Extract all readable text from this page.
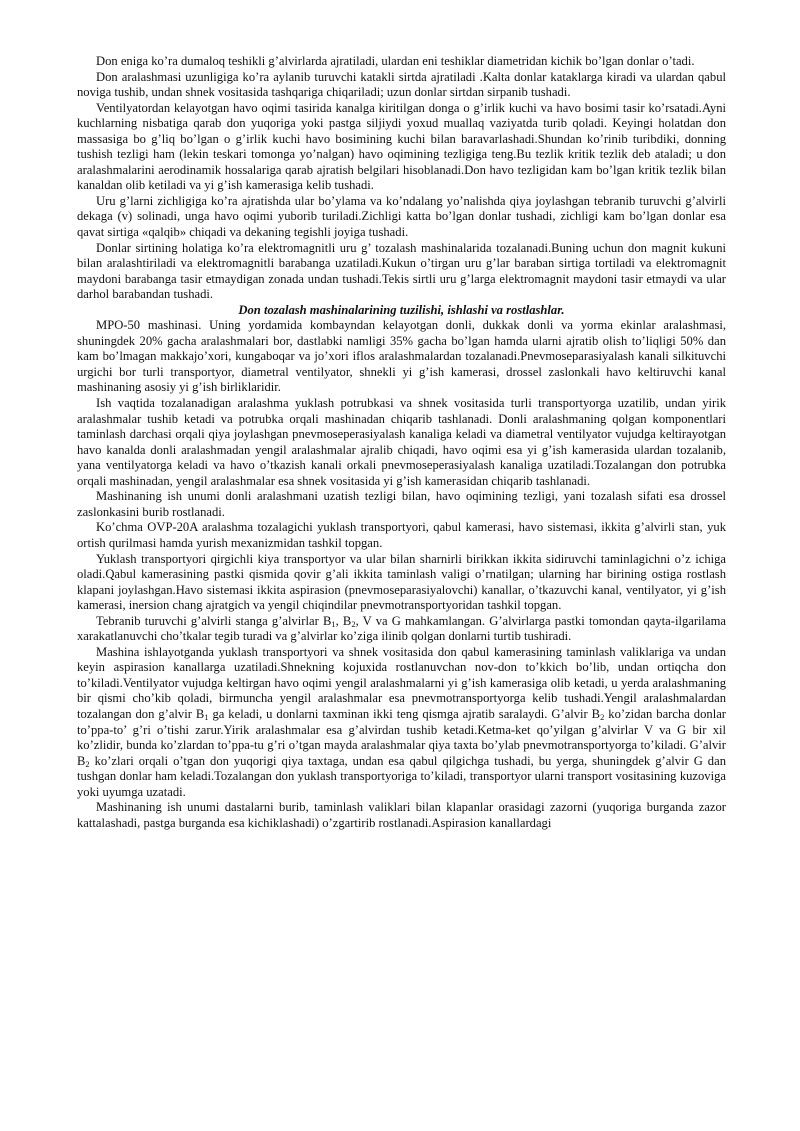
Don eniga ko’ra dumaloq teshikli g’alvirlarda ajratiladi, ulardan eni teshiklar diametridan kichik bo’lgan donlar o’tadi.

Don aralashmasi uzunligiga ko’ra aylanib turuvchi katakli sirtda ajratiladi .Kalta donlar kataklarga kiradi va ulardan qabul noviga tushib, undan shnek vositasida tashqariga chiqariladi; uzun donlar sirtdan sirpanib tushadi.

Ventilyatordan kelayotgan havo oqimi tasirida kanalga kiritilgan donga o g’irlik kuchi va havo bosimi tasir ko’rsatadi.Ayni kuchlarning nisbatiga qarab don yuqoriga yoki pastga siljiydi yoxud muallaq vaziyatda turib qoladi. Keyingi holatdan don massasiga bo g’liq bo’lgan o g’irlik kuchi havo bosimining kuchi bilan baravarlashadi.Shundan ko’rinib turibdiki, donning tushish tezligi ham (lekin teskari tomonga yo’nalgan) havo oqimining tezligiga teng.Bu tezlik kritik tezlik deb ataladi; u don aralashmalarini aerodinamik hossalariga qarab ajratish belgilari hisoblanadi.Don havo tezligidan kam bo’lgan kritik tezlik bilan kanaldan olib ketiladi va yi g’ish kamerasiga kelib tushadi.

Uru g’larni zichligiga ko’ra ajratishda ular bo’ylama va ko’ndalang yo’nalishda qiya joylashgan tebranib turuvchi g’alvirli dekaga (v) solinadi, unga havo oqimi yuborib turiladi.Zichligi katta bo’lgan donlar tushadi, zichligi kam bo’lgan donlar esa qavat sirtiga «qalqib» chiqadi va dekaning tegishli joyiga tushadi.

Donlar sirtining holatiga ko’ra elektromagnitli uru g’ tozalash mashinalarida tozalanadi.Buning uchun don magnit kukuni bilan aralashtiriladi va elektromagnitli barabanga uzatiladi.Kukun o’tirgan uru g’lar baraban sirtiga tortiladi va elektromagnit maydoni barabanga tasir etmaydigan zonada undan tushadi.Tekis sirtli uru g’larga elektromagnit maydoni tasir etmaydi va ular darhol barabandan tushadi.

Don tozalash mashinalarining tuzilishi, ishlashi va rostlashlar.

MPO-50 mashinasi. Uning yordamida kombayndan kelayotgan donli, dukkak donli va yorma ekinlar aralashmasi, shuningdek 20% gacha aralashmalari bor, dastlabki namligi 35% gacha bo’lgan hamda ularni ajratib olish to’liqligi 50% dan kam bo’lmagan makkajo’xori, kungaboqar va jo’xori iflos aralashmalardan tozalanadi.Pnevmoseparasiyalash kanali silkituvchi urgichi bor turli transportyor, diametral ventilyator, shnekli yi g’ish kamerasi, drossel zaslonkali havo keltiruvchi kanal mashinaning asosiy yi g’ish birliklaridir.

Ish vaqtida tozalanadigan aralashma yuklash potrubkasi va shnek vositasida turli transportyorga uzatilib, undan yirik aralashmalar tushib ketadi va potrubka orqali mashinadan chiqarib tashlanadi. Donli aralashmaning qolgan komponentlari taminlash darchasi orqali qiya joylashgan pnevmoseperasiyalash kanaliga keladi va diametral ventilyator vujudga keltirayotgan havo kanalda donli aralashmadan yengil aralashmalar ajralib chiqadi, havo oqimi esa yi g’ish kamerasida ulardan tozalanib, yana ventilyatorga keladi va havo o’tkazish kanali orkali pnevmoseperasiyalash kanaliga uzatiladi.Tozalangan don potrubka orqali mashinadan, yengil aralashmalar esa shnek vositasida yi g’ish kamerasidan chiqarib tashlanadi.

Mashinaning ish unumi donli aralashmani uzatish tezligi bilan, havo oqimining tezligi, yani tozalash sifati esa drossel zaslonkasini burib rostlanadi.

Ko’chma OVP-20A aralashma tozalagichi yuklash transportyori, qabul kamerasi, havo sistemasi, ikkita g’alvirli stan, yuk ortish qurilmasi hamda yurish mexanizmidan tashkil topgan.

Yuklash transportyori qirgichli kiya transportyor va ular bilan sharnirli birikkan ikkita sidiruvchi taminlagichni o’z ichiga oladi.Qabul kamerasining pastki qismida qovir g’ali ikkita taminlash valigi o’rnatilgan; ularning har birining ostiga rostlash klapani joylashgan.Havo sistemasi ikkita aspirasion (pnevmoseparasiyalovchi) kanallar, o’tkazuvchi kanal, ventilyator, yi g’ish kamerasi, inersion chang ajratgich va yengil chiqindilar pnevmotransportyoridan tashkil topgan.

Tebranib turuvchi g’alvirli stanga g’alvirlar $B_1$, $B_2$, V va G mahkamlangan. G’alvirlarga pastki tomondan qayta-ilgarilama xarakatlanuvchi cho’tkalar tegib turadi va g’alvirlar ko’ziga ilinib qolgan donlarni turtib tushiradi.

Mashina ishlayotganda yuklash transportyori va shnek vositasida don qabul kamerasining taminlash valiklariga va undan keyin aspirasion kanallarga uzatiladi.Shnekning kojuxida rostlanuvchan nov-don to’kkich bo’lib, undan ortiqcha don to’kiladi.Ventilyator vujudga keltirgan havo oqimi yengil aralashmalarni yi g’ish kamerasiga olib ketadi, u yerda aralashmaning bir qismi cho’kib qoladi, birmuncha yengil aralashmalar esa pnevmotransportyorga kelib tushadi.Yengil aralashmalardan tozalangan don g’alvir $B_1$ ga keladi, u donlarni taxminan ikki teng qismga ajratib saralaydi. G’alvir $B_2$ ko’zidan barcha donlar to’ppa-to’ g’ri o’tishi zarur.Yirik aralashmalar esa g’alvirdan tushib ketadi.Ketma-ket qo’yilgan g’alvirlar V va G bir xil ko’zlidir, bunda ko’zlardan to’ppa-tu g’ri o’tgan mayda aralashmalar qiya taxta bo’ylab pnevmotransportyorga to’kiladi. G’alvir $B_2$ ko’zlari orqali o’tgan don yuqorigi qiya taxtaga, undan esa qabul qilgichga tushadi, bu yerga, shuningdek g’alvir G dan tushgan donlar ham keladi.Tozalangan don yuklash transportyoriga to’kiladi, transportyor ularni transport vositasining kuzoviga yoki uyumga uzatadi.

Mashinaning ish unumi dastalarni burib, taminlash valiklari bilan klapanlar orasidagi zazorni (yuqoriga burganda zazor kattalashadi, pastga burganda esa kichiklashadi) o’zgartirib rostlanadi.Aspirasion kanallardagi
